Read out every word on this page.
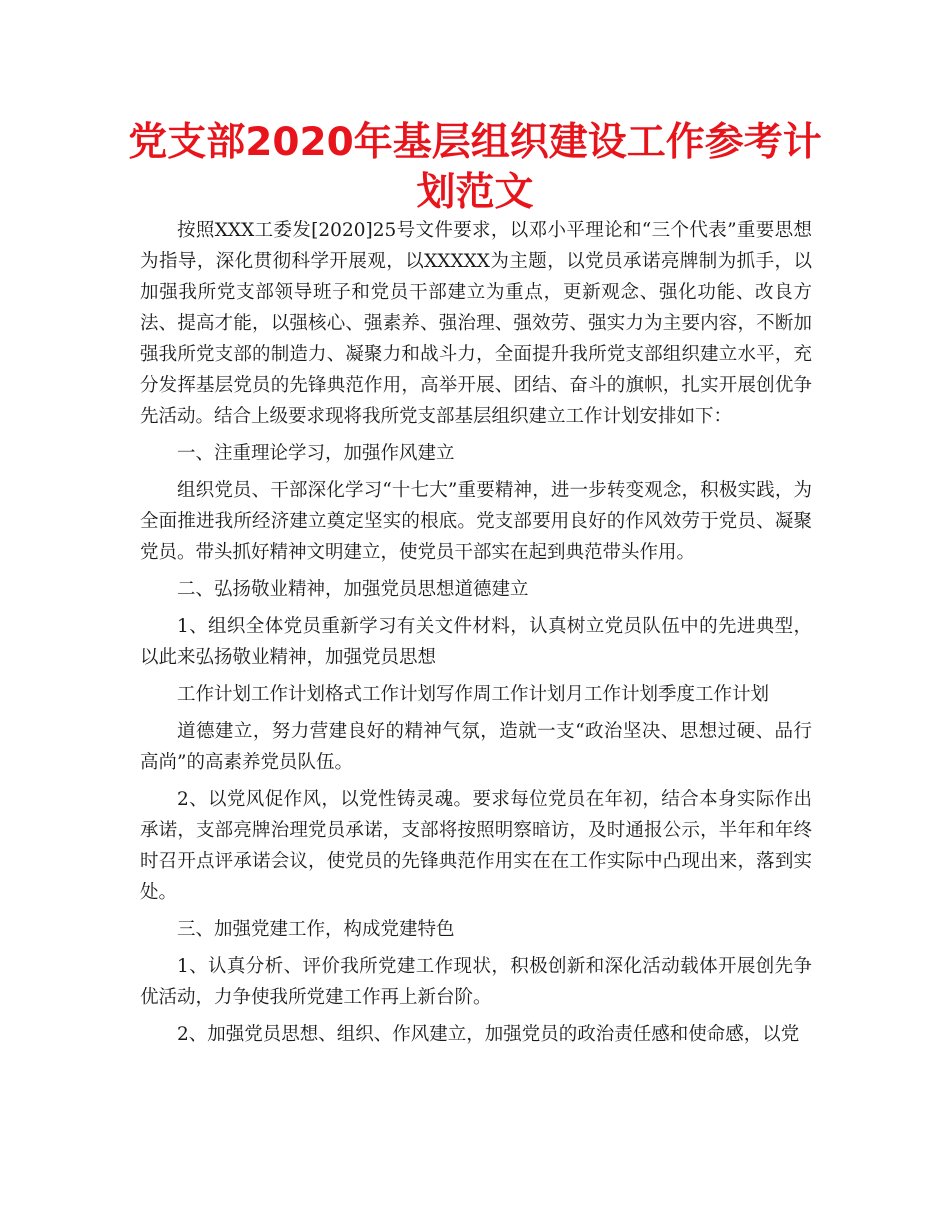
党支部2020年基层组织建设工作参考计划范文

按照XXX工委发[2020]25号文件要求，以邓小平理论和“三个代表”重要思想为指导，深化贯彻科学开展观，以XXXXX为主题，以党员承诺亮牌制为抓手，以加强我所党支部领导班子和党员干部建立为重点，更新观念、强化功能、改良方法、提高才能，以强核心、强素养、强治理、强效劳、强实力为主要内容，不断加强我所党支部的制造力、凝聚力和战斗力，全面提升我所党支部组织建立水平，充分发挥基层党员的先锋典范作用，高举开展、团结、奋斗的旗帜，扎实开展创优争先活动。结合上级要求现将我所党支部基层组织建立工作计划安排如下：

一、注重理论学习，加强作风建立

组织党员、干部深化学习“十七大”重要精神，进一步转变观念，积极实践，为全面推进我所经济建立奠定坚实的根底。党支部要用良好的作风效劳于党员、凝聚党员。带头抓好精神文明建立，使党员干部实在起到典范带头作用。

二、弘扬敬业精神，加强党员思想道德建立

1、组织全体党员重新学习有关文件材料，认真树立党员队伍中的先进典型，以此来弘扬敬业精神，加强党员思想

工作计划工作计划格式工作计划写作周工作计划月工作计划季度工作计划

道德建立，努力营建良好的精神气氛，造就一支“政治坚决、思想过硬、品行高尚”的高素养党员队伍。

2、以党风促作风，以党性铸灵魂。要求每位党员在年初，结合本身实际作出承诺，支部亮牌治理党员承诺，支部将按照明察暗访，及时通报公示，半年和年终时召开点评承诺会议，使党员的先锋典范作用实在在工作实际中凸现出来，落到实处。

三、加强党建工作，构成党建特色

1、认真分析、评价我所党建工作现状，积极创新和深化活动载体开展创先争优活动，力争使我所党建工作再上新台阶。

2、加强党员思想、组织、作风建立，加强党员的政治责任感和使命感，以党
